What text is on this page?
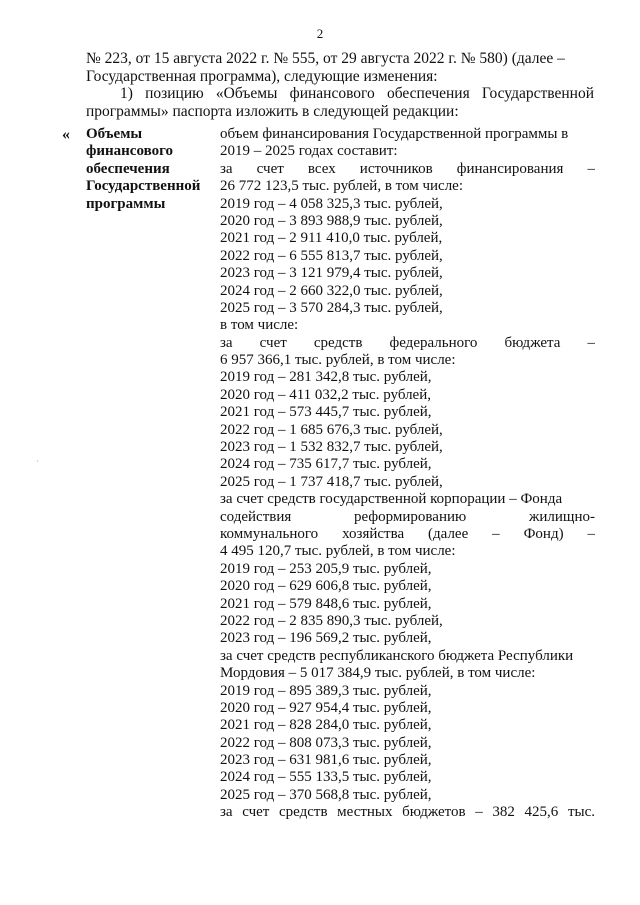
2
·
№ 223, от 15 августа 2022 г. № 555, от 29 августа 2022 г. № 580) (далее –
Государственная программа), следующие изменения:
1) позицию «Объемы финансового обеспечения Государственной
программы» паспорта изложить в следующей редакции:
« Объемы
финансового
обеспечения
Государственной
программы
объем финансирования Государственной программы в
2019 – 2025 годах составит:
за счет всех источников финансирования –
26 772 123,5 тыс. рублей, в том числе:
2019 год – 4 058 325,3 тыс. рублей,
2020 год – 3 893 988,9 тыс. рублей,
2021 год – 2 911 410,0 тыс. рублей,
2022 год – 6 555 813,7 тыс. рублей,
2023 год – 3 121 979,4 тыс. рублей,
2024 год – 2 660 322,0 тыс. рублей,
2025 год – 3 570 284,3 тыс. рублей,
в том числе:
за счет средств федерального бюджета –
6 957 366,1 тыс. рублей, в том числе:
2019 год – 281 342,8 тыс. рублей,
2020 год – 411 032,2 тыс. рублей,
2021 год – 573 445,7 тыс. рублей,
2022 год – 1 685 676,3 тыс. рублей,
2023 год – 1 532 832,7 тыс. рублей,
2024 год – 735 617,7 тыс. рублей,
2025 год – 1 737 418,7 тыс. рублей,
за счет средств государственной корпорации – Фонда
содействия реформированию жилищно-
коммунального хозяйства (далее – Фонд) –
4 495 120,7 тыс. рублей, в том числе:
2019 год – 253 205,9 тыс. рублей,
2020 год – 629 606,8 тыс. рублей,
2021 год – 579 848,6 тыс. рублей,
2022 год – 2 835 890,3 тыс. рублей,
2023 год – 196 569,2 тыс. рублей,
за счет средств республиканского бюджета Республики
Мордовия – 5 017 384,9 тыс. рублей, в том числе:
2019 год – 895 389,3 тыс. рублей,
2020 год – 927 954,4 тыс. рублей,
2021 год – 828 284,0 тыс. рублей,
2022 год – 808 073,3 тыс. рублей,
2023 год – 631 981,6 тыс. рублей,
2024 год – 555 133,5 тыс. рублей,
2025 год – 370 568,8 тыс. рублей,
за счет средств местных бюджетов – 382 425,6 тыс.
